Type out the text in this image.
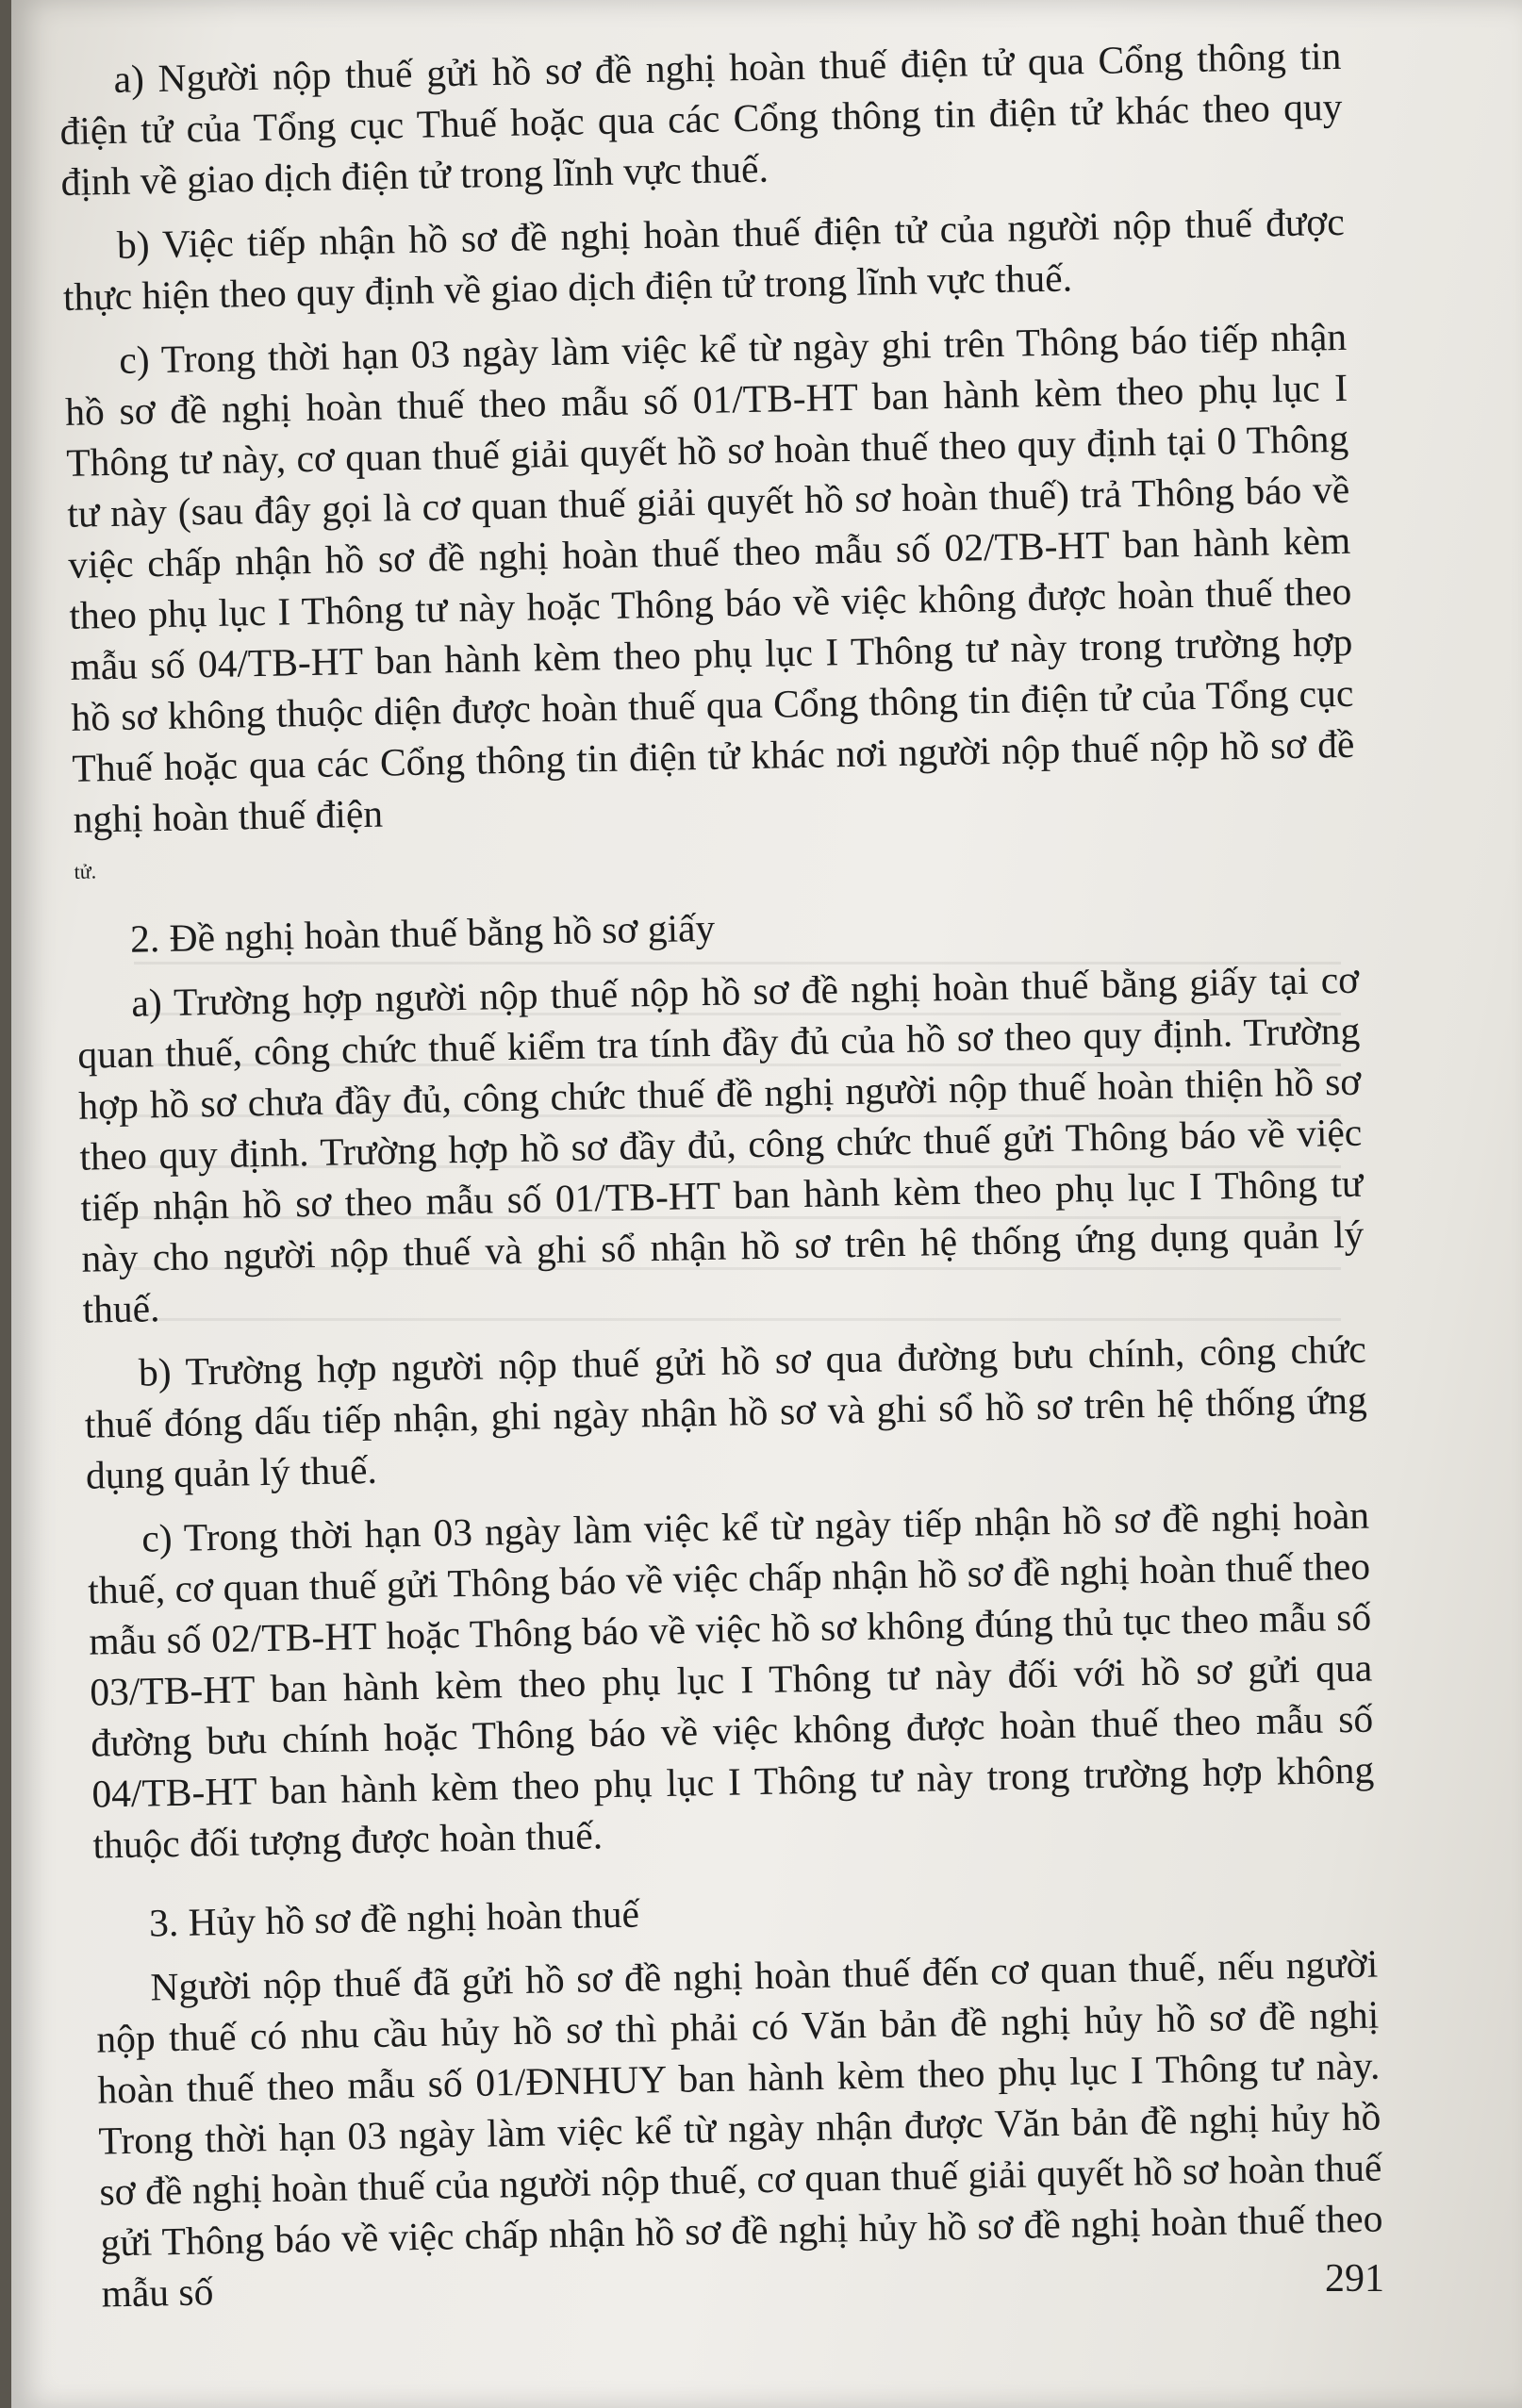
a) Người nộp thuế gửi hồ sơ đề nghị hoàn thuế điện tử qua Cổng thông tin điện tử của Tổng cục Thuế hoặc qua các Cổng thông tin điện tử khác theo quy định về giao dịch điện tử trong lĩnh vực thuế.

b) Việc tiếp nhận hồ sơ đề nghị hoàn thuế điện tử của người nộp thuế được thực hiện theo quy định về giao dịch điện tử trong lĩnh vực thuế.

c) Trong thời hạn 03 ngày làm việc kể từ ngày ghi trên Thông báo tiếp nhận hồ sơ đề nghị hoàn thuế theo mẫu số 01/TB-HT ban hành kèm theo phụ lục I Thông tư này, cơ quan thuế giải quyết hồ sơ hoàn thuế theo quy định tại 0 Thông tư này (sau đây gọi là cơ quan thuế giải quyết hồ sơ hoàn thuế) trả Thông báo về việc chấp nhận hồ sơ đề nghị hoàn thuế theo mẫu số 02/TB-HT ban hành kèm theo phụ lục I Thông tư này hoặc Thông báo về việc không được hoàn thuế theo mẫu số 04/TB-HT ban hành kèm theo phụ lục I Thông tư này trong trường hợp hồ sơ không thuộc diện được hoàn thuế qua Cổng thông tin điện tử của Tổng cục Thuế hoặc qua các Cổng thông tin điện tử khác nơi người nộp thuế nộp hồ sơ đề nghị hoàn thuế điện

tử.

2. Đề nghị hoàn thuế bằng hồ sơ giấy

a) Trường hợp người nộp thuế nộp hồ sơ đề nghị hoàn thuế bằng giấy tại cơ quan thuế, công chức thuế kiểm tra tính đầy đủ của hồ sơ theo quy định. Trường hợp hồ sơ chưa đầy đủ, công chức thuế đề nghị người nộp thuế hoàn thiện hồ sơ theo quy định. Trường hợp hồ sơ đầy đủ, công chức thuế gửi Thông báo về việc tiếp nhận hồ sơ theo mẫu số 01/TB-HT ban hành kèm theo phụ lục I Thông tư này cho người nộp thuế và ghi sổ nhận hồ sơ trên hệ thống ứng dụng quản lý thuế.

b) Trường hợp người nộp thuế gửi hồ sơ qua đường bưu chính, công chức thuế đóng dấu tiếp nhận, ghi ngày nhận hồ sơ và ghi sổ hồ sơ trên hệ thống ứng dụng quản lý thuế.

c) Trong thời hạn 03 ngày làm việc kể từ ngày tiếp nhận hồ sơ đề nghị hoàn thuế, cơ quan thuế gửi Thông báo về việc chấp nhận hồ sơ đề nghị hoàn thuế theo mẫu số 02/TB-HT hoặc Thông báo về việc hồ sơ không đúng thủ tục theo mẫu số 03/TB-HT ban hành kèm theo phụ lục I Thông tư này đối với hồ sơ gửi qua đường bưu chính hoặc Thông báo về việc không được hoàn thuế theo mẫu số 04/TB-HT ban hành kèm theo phụ lục I Thông tư này trong trường hợp không thuộc đối tượng được hoàn thuế.

3. Hủy hồ sơ đề nghị hoàn thuế

Người nộp thuế đã gửi hồ sơ đề nghị hoàn thuế đến cơ quan thuế, nếu người nộp thuế có nhu cầu hủy hồ sơ thì phải có Văn bản đề nghị hủy hồ sơ đề nghị hoàn thuế theo mẫu số 01/ĐNHUY ban hành kèm theo phụ lục I Thông tư này. Trong thời hạn 03 ngày làm việc kể từ ngày nhận được Văn bản đề nghị hủy hồ sơ đề nghị hoàn thuế của người nộp thuế, cơ quan thuế giải quyết hồ sơ hoàn thuế gửi Thông báo về việc chấp nhận hồ sơ đề nghị hủy hồ sơ đề nghị hoàn thuế theo mẫu số	291
